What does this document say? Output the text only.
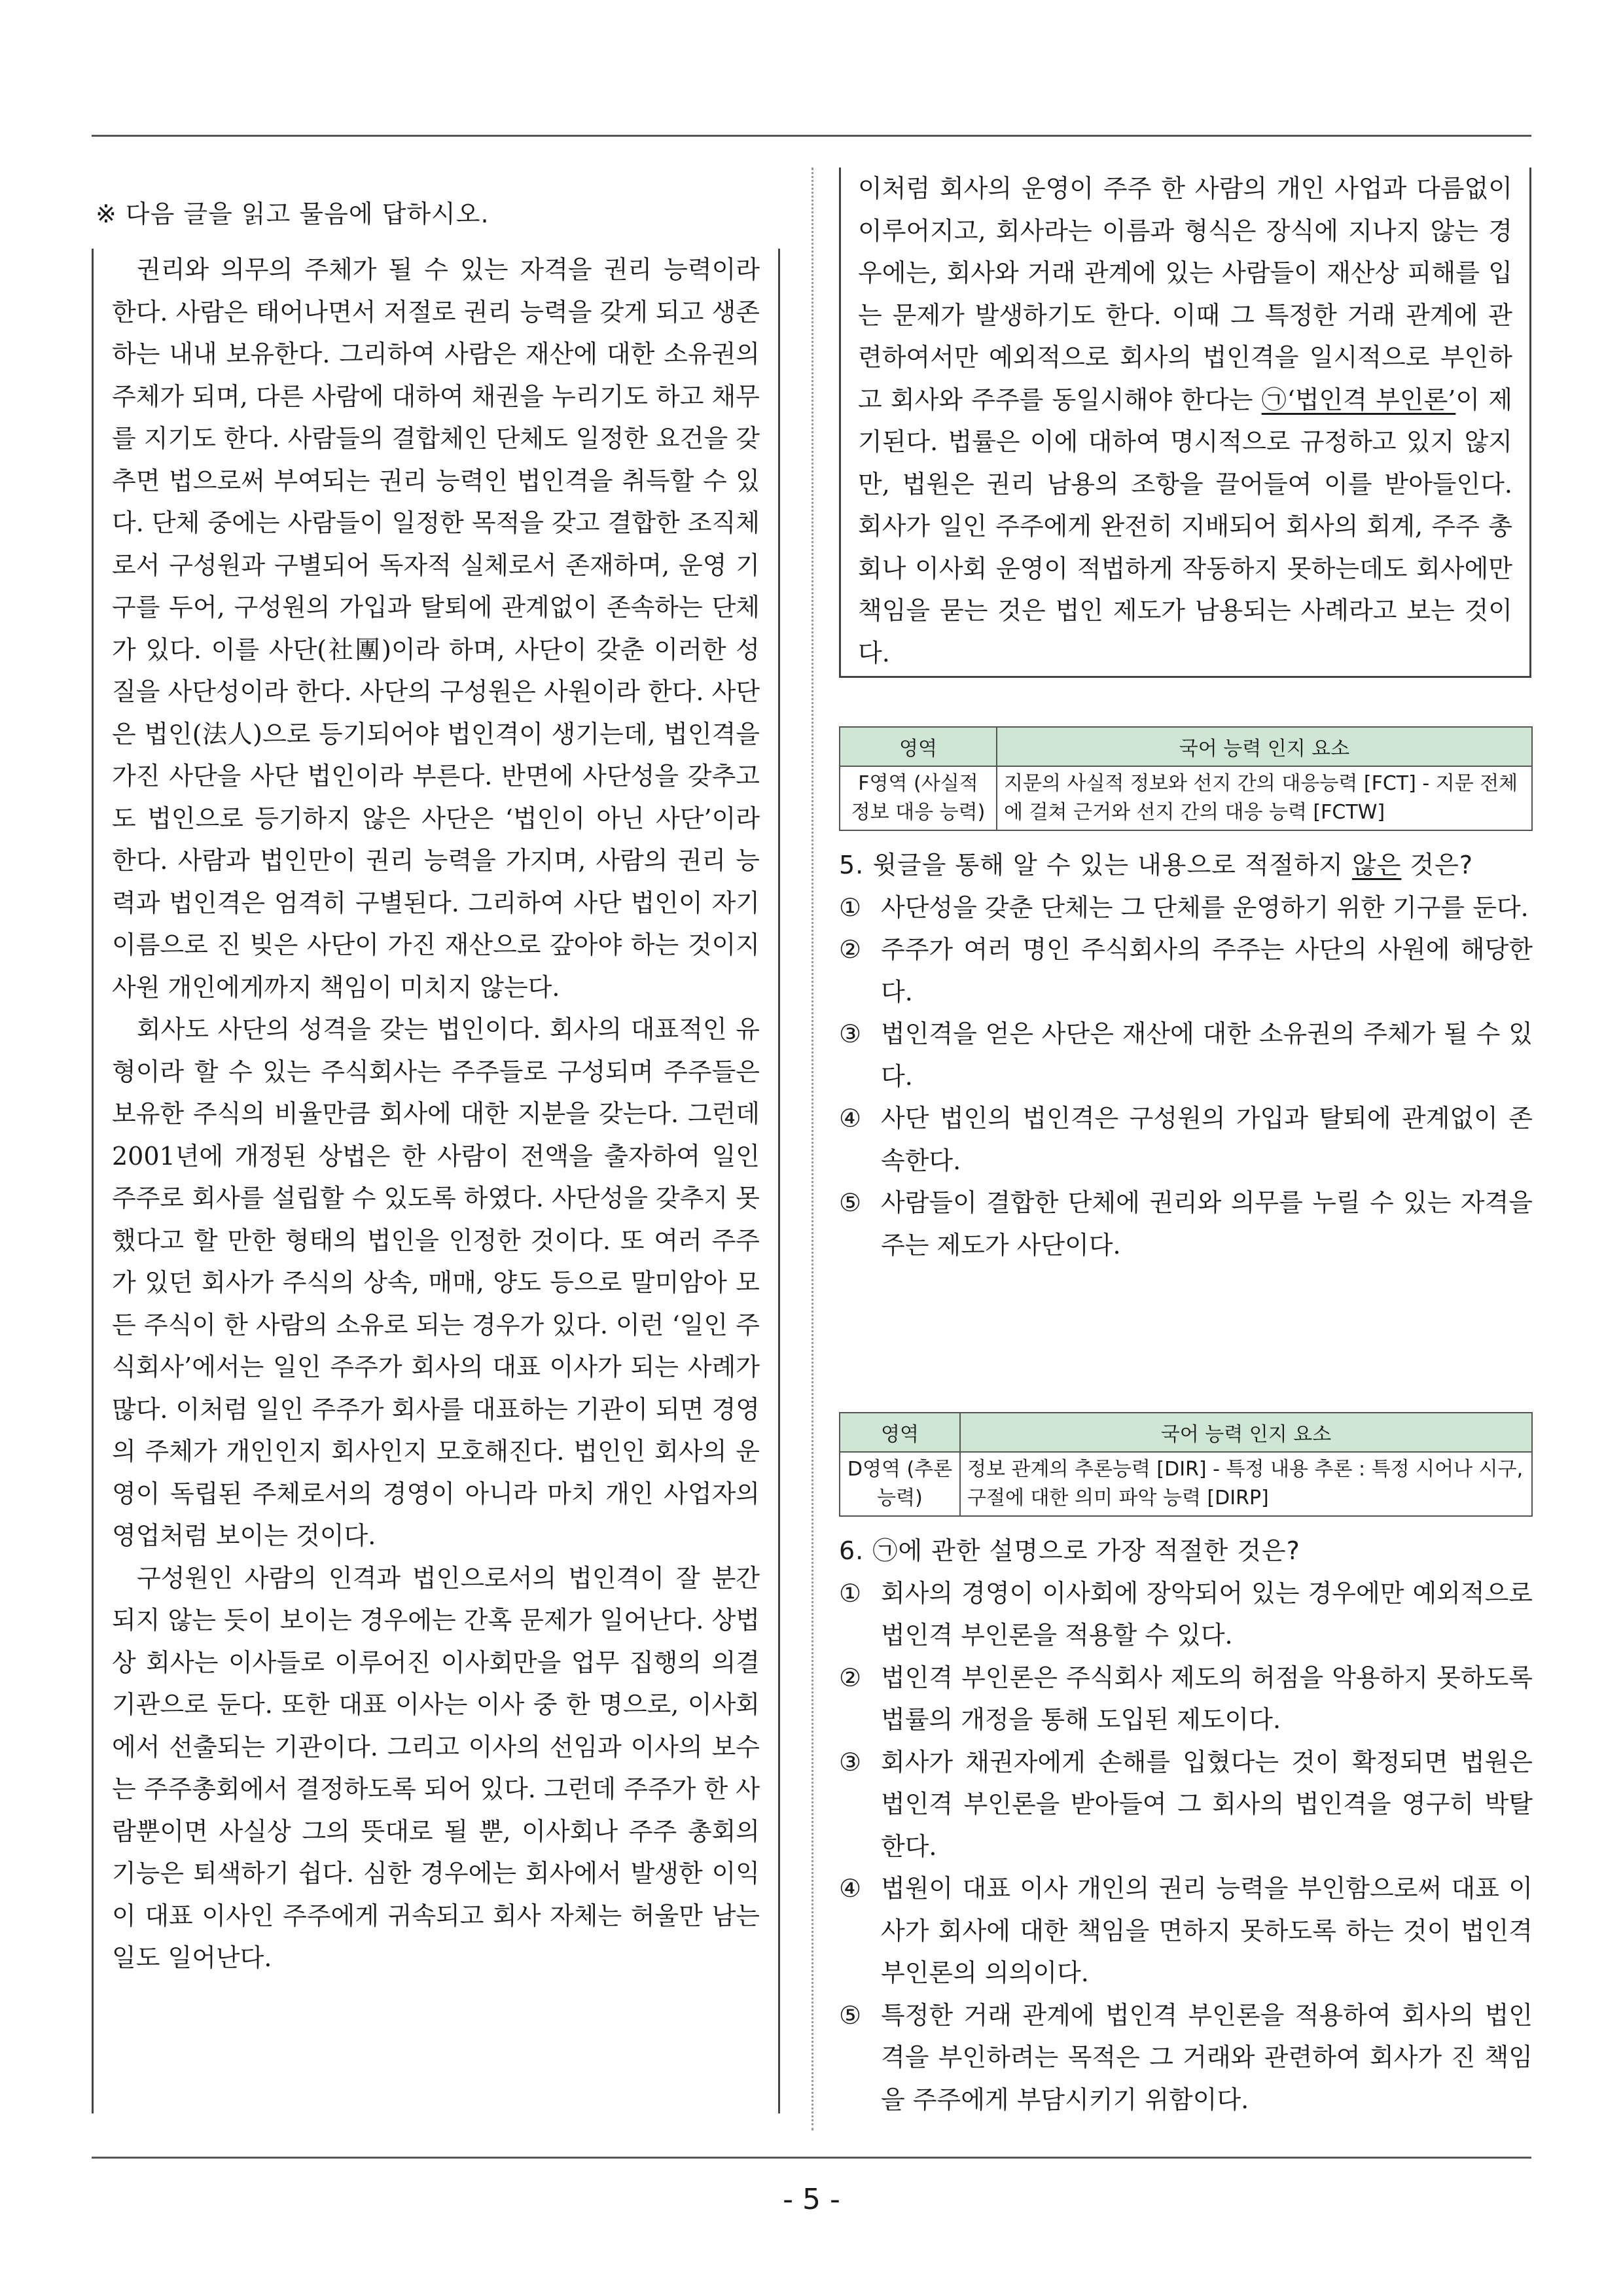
※ 다음 글을 읽고 물음에 답하시오.

권리와 의무의 주체가 될 수 있는 자격을 권리 능력이라 한다. 사람은 태어나면서 저절로 권리 능력을 갖게 되고 생존하는 내내 보유한다. 그리하여 사람은 재산에 대한 소유권의 주체가 되며, 다른 사람에 대하여 채권을 누리기도 하고 채무를 지기도 한다. 사람들의 결합체인 단체도 일정한 요건을 갖추면 법으로써 부여되는 권리 능력인 법인격을 취득할 수 있다. 단체 중에는 사람들이 일정한 목적을 갖고 결합한 조직체로서 구성원과 구별되어 독자적 실체로서 존재하며, 운영 기구를 두어, 구성원의 가입과 탈퇴에 관계없이 존속하는 단체가 있다. 이를 사단(社團)이라 하며, 사단이 갖춘 이러한 성질을 사단성이라 한다. 사단의 구성원은 사원이라 한다. 사단은 법인(法人)으로 등기되어야 법인격이 생기는데, 법인격을 가진 사단을 사단 법인이라 부른다. 반면에 사단성을 갖추고도 법인으로 등기하지 않은 사단은 ‘법인이 아닌 사단’이라 한다. 사람과 법인만이 권리 능력을 가지며, 사람의 권리 능력과 법인격은 엄격히 구별된다. 그리하여 사단 법인이 자기 이름으로 진 빚은 사단이 가진 재산으로 갚아야 하는 것이지 사원 개인에게까지 책임이 미치지 않는다.

회사도 사단의 성격을 갖는 법인이다. 회사의 대표적인 유형이라 할 수 있는 주식회사는 주주들로 구성되며 주주들은 보유한 주식의 비율만큼 회사에 대한 지분을 갖는다. 그런데 2001년에 개정된 상법은 한 사람이 전액을 출자하여 일인 주주로 회사를 설립할 수 있도록 하였다. 사단성을 갖추지 못했다고 할 만한 형태의 법인을 인정한 것이다. 또 여러 주주가 있던 회사가 주식의 상속, 매매, 양도 등으로 말미암아 모든 주식이 한 사람의 소유로 되는 경우가 있다. 이런 ‘일인 주식회사’에서는 일인 주주가 회사의 대표 이사가 되는 사례가 많다. 이처럼 일인 주주가 회사를 대표하는 기관이 되면 경영의 주체가 개인인지 회사인지 모호해진다. 법인인 회사의 운영이 독립된 주체로서의 경영이 아니라 마치 개인 사업자의 영업처럼 보이는 것이다.

구성원인 사람의 인격과 법인으로서의 법인격이 잘 분간되지 않는 듯이 보이는 경우에는 간혹 문제가 일어난다. 상법상 회사는 이사들로 이루어진 이사회만을 업무 집행의 의결 기관으로 둔다. 또한 대표 이사는 이사 중 한 명으로, 이사회에서 선출되는 기관이다. 그리고 이사의 선임과 이사의 보수는 주주총회에서 결정하도록 되어 있다. 그런데 주주가 한 사람뿐이면 사실상 그의 뜻대로 될 뿐, 이사회나 주주 총회의 기능은 퇴색하기 쉽다. 심한 경우에는 회사에서 발생한 이익이 대표 이사인 주주에게 귀속되고 회사 자체는 허울만 남는 일도 일어난다.

이처럼 회사의 운영이 주주 한 사람의 개인 사업과 다름없이 이루어지고, 회사라는 이름과 형식은 장식에 지나지 않는 경우에는, 회사와 거래 관계에 있는 사람들이 재산상 피해를 입는 문제가 발생하기도 한다. 이때 그 특정한 거래 관계에 관련하여서만 예외적으로 회사의 법인격을 일시적으로 부인하고 회사와 주주를 동일시해야 한다는 ㉠‘법인격 부인론’이 제기된다. 법률은 이에 대하여 명시적으로 규정하고 있지 않지만, 법원은 권리 남용의 조항을 끌어들여 이를 받아들인다. 회사가 일인 주주에게 완전히 지배되어 회사의 회계, 주주 총회나 이사회 운영이 적법하게 작동하지 못하는데도 회사에만 책임을 묻는 것은 법인 제도가 남용되는 사례라고 보는 것이다.

영역	국어 능력 인지 요소
F영역 (사실적 정보 대응 능력)	지문의 사실적 정보와 선지 간의 대응능력 [FCT] - 지문 전체에 걸쳐 근거와 선지 간의 대응 능력 [FCTW]

5. 윗글을 통해 알 수 있는 내용으로 적절하지 않은 것은?

① 사단성을 갖춘 단체는 그 단체를 운영하기 위한 기구를 둔다.
② 주주가 여러 명인 주식회사의 주주는 사단의 사원에 해당한다.
③ 법인격을 얻은 사단은 재산에 대한 소유권의 주체가 될 수 있다.
④ 사단 법인의 법인격은 구성원의 가입과 탈퇴에 관계없이 존속한다.
⑤ 사람들이 결합한 단체에 권리와 의무를 누릴 수 있는 자격을 주는 제도가 사단이다.
영역	국어 능력 인지 요소
D영역 (추론 능력)	정보 관계의 추론능력 [DIR] - 특정 내용 추론 : 특정 시어나 시구, 구절에 대한 의미 파악 능력 [DIRP]

6. ㉠에 관한 설명으로 가장 적절한 것은?

① 회사의 경영이 이사회에 장악되어 있는 경우에만 예외적으로 법인격 부인론을 적용할 수 있다.
② 법인격 부인론은 주식회사 제도의 허점을 악용하지 못하도록 법률의 개정을 통해 도입된 제도이다.
③ 회사가 채권자에게 손해를 입혔다는 것이 확정되면 법원은 법인격 부인론을 받아들여 그 회사의 법인격을 영구히 박탈한다.
④ 법원이 대표 이사 개인의 권리 능력을 부인함으로써 대표 이사가 회사에 대한 책임을 면하지 못하도록 하는 것이 법인격 부인론의 의의이다.
⑤ 특정한 거래 관계에 법인격 부인론을 적용하여 회사의 법인격을 부인하려는 목적은 그 거래와 관련하여 회사가 진 책임을 주주에게 부담시키기 위함이다.
- 5 -
